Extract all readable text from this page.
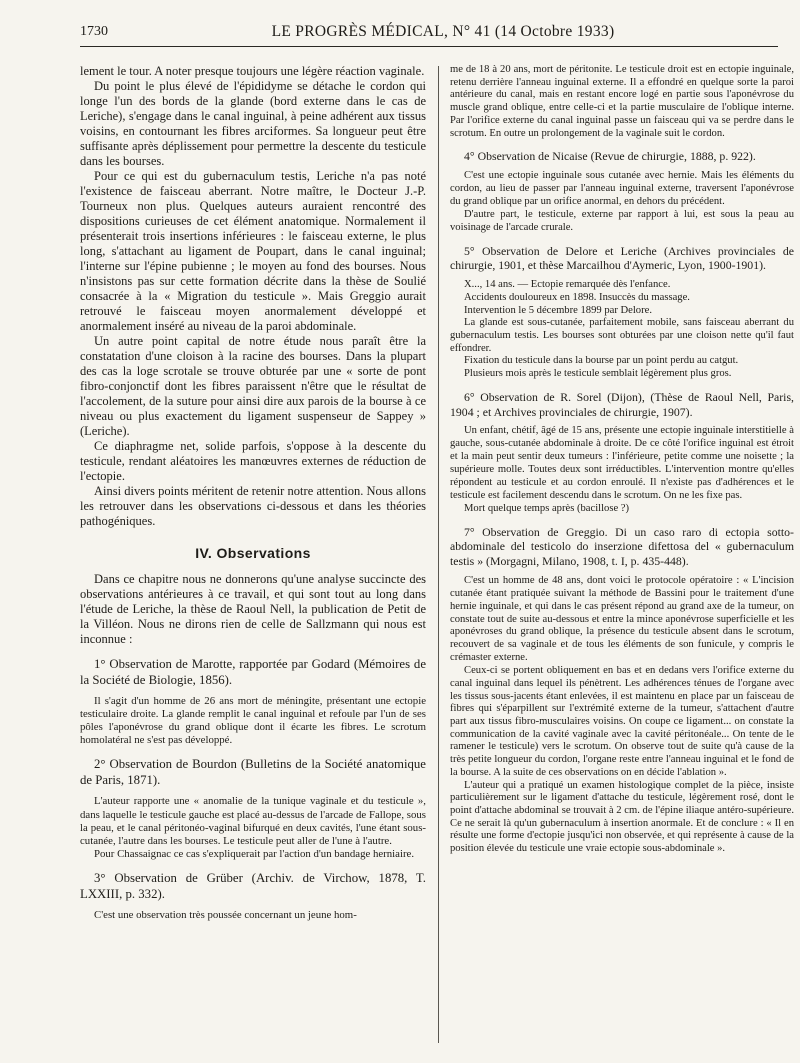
1730	LE PROGRÈS MÉDICAL, N° 41 (14 Octobre 1933)

lement le tour. A noter presque toujours une légère réaction vaginale.

Du point le plus élevé de l'épididyme se détache le cordon qui longe l'un des bords de la glande (bord externe dans le cas de Leriche), s'engage dans le canal inguinal, à peine adhérent aux tissus voisins, en contournant les fibres arciformes. Sa longueur peut être suffisante après déplissement pour permettre la descente du testicule dans les bourses.

Pour ce qui est du gubernaculum testis, Leriche n'a pas noté l'existence de faisceau aberrant. Notre maître, le Docteur J.-P. Tourneux non plus. Quelques auteurs auraient rencontré des dispositions curieuses de cet élément anatomique. Normalement il présenterait trois insertions inférieures : le faisceau externe, le plus long, s'attachant au ligament de Poupart, dans le canal inguinal; l'interne sur l'épine pubienne ; le moyen au fond des bourses. Nous n'insistons pas sur cette formation décrite dans la thèse de Soulié consacrée à la « Migration du testicule ». Mais Greggio aurait retrouvé le faisceau moyen anormalement développé et anormalement inséré au niveau de la paroi abdominale.

Un autre point capital de notre étude nous paraît être la constatation d'une cloison à la racine des bourses. Dans la plupart des cas la loge scrotale se trouve obturée par une « sorte de pont fibro-conjonctif dont les fibres paraissent n'être que le résultat de l'accolement, de la suture pour ainsi dire aux parois de la bourse à ce niveau ou plus exactement du ligament suspenseur de Sappey » (Leriche).

Ce diaphragme net, solide parfois, s'oppose à la descente du testicule, rendant aléatoires les manœuvres externes de réduction de l'ectopie.

Ainsi divers points méritent de retenir notre attention. Nous allons les retrouver dans les observations ci-dessous et dans les théories pathogéniques.

IV. Observations

Dans ce chapitre nous ne donnerons qu'une analyse succincte des observations antérieures à ce travail, et qui sont tout au long dans l'étude de Leriche, la thèse de Raoul Nell, la publication de Petit de la Villéon. Nous ne dirons rien de celle de Sallzmann qui nous est inconnue :

1° Observation de Marotte, rapportée par Godard (Mémoires de la Société de Biologie, 1856).

Il s'agit d'un homme de 26 ans mort de méningite, présentant une ectopie testiculaire droite. La glande remplit le canal inguinal et refoule par l'un de ses pôles l'aponévrose du grand oblique dont il écarte les fibres. Le scrotum homolatéral ne s'est pas développé.

2° Observation de Bourdon (Bulletins de la Société anatomique de Paris, 1871).

L'auteur rapporte une « anomalie de la tunique vaginale et du testicule », dans laquelle le testicule gauche est placé au-dessus de l'arcade de Fallope, sous la peau, et le canal péritonéo-vaginal bifurqué en deux cavités, l'une étant sous-cutanée, l'autre dans les bourses. Le testicule peut aller de l'une à l'autre.

Pour Chassaignac ce cas s'expliquerait par l'action d'un bandage herniaire.

3° Observation de Grüber (Archiv. de Virchow, 1878, T. LXXIII, p. 332).

C'est une observation très poussée concernant un jeune hom-

me de 18 à 20 ans, mort de péritonite. Le testicule droit est en ectopie inguinale, retenu derrière l'anneau inguinal externe. Il a effondré en quelque sorte la paroi antérieure du canal, mais en restant encore logé en partie sous l'aponévrose du muscle grand oblique, entre celle-ci et la partie musculaire de l'oblique interne. Par l'orifice externe du canal inguinal passe un faisceau qui va se perdre dans le scrotum. En outre un prolongement de la vaginale suit le cordon.

4° Observation de Nicaise (Revue de chirurgie, 1888, p. 922).

C'est une ectopie inguinale sous cutanée avec hernie. Mais les éléments du cordon, au lieu de passer par l'anneau inguinal externe, traversent l'aponévrose du grand oblique par un orifice anormal, en dehors du précédent.

D'autre part, le testicule, externe par rapport à lui, est sous la peau au voisinage de l'arcade crurale.

5° Observation de Delore et Leriche (Archives provinciales de chirurgie, 1901, et thèse Marcailhou d'Aymeric, Lyon, 1900-1901).

X..., 14 ans. — Ectopie remarquée dès l'enfance.

Accidents douloureux en 1898. Insuccès du massage.

Intervention le 5 décembre 1899 par Delore.

La glande est sous-cutanée, parfaitement mobile, sans faisceau aberrant du gubernaculum testis. Les bourses sont obturées par une cloison nette qu'il faut effondrer.

Fixation du testicule dans la bourse par un point perdu au catgut.

Plusieurs mois après le testicule semblait légèrement plus gros.

6° Observation de R. Sorel (Dijon), (Thèse de Raoul Nell, Paris, 1904 ; et Archives provinciales de chirurgie, 1907).

Un enfant, chétif, âgé de 15 ans, présente une ectopie inguinale interstitielle à gauche, sous-cutanée abdominale à droite. De ce côté l'orifice inguinal est étroit et la main peut sentir deux tumeurs : l'inférieure, petite comme une noisette ; la supérieure molle. Toutes deux sont irréductibles. L'intervention montre qu'elles répondent au testicule et au cordon enroulé. Il n'existe pas d'adhérences et le testicule est facilement descendu dans le scrotum. On ne les fixe pas.

Mort quelque temps après (bacillose ?)

7° Observation de Greggio. Di un caso raro di ectopia sotto-abdominale del testicolo do inserzione difettosa del « gubernaculum testis » (Morgagni, Milano, 1908, t. I, p. 435-448).

C'est un homme de 48 ans, dont voici le protocole opératoire : « L'incision cutanée étant pratiquée suivant la méthode de Bassini pour le traitement d'une hernie inguinale, et qui dans le cas présent répond au grand axe de la tumeur, on constate tout de suite au-dessous et entre la mince aponévrose superficielle et les aponévroses du grand oblique, la présence du testicule absent dans le scrotum, recouvert de sa vaginale et de tous les éléments de son funicule, y compris le crémaster externe.

Ceux-ci se portent obliquement en bas et en dedans vers l'orifice externe du canal inguinal dans lequel ils pénètrent. Les adhérences ténues de l'organe avec les tissus sous-jacents étant enlevées, il est maintenu en place par un faisceau de fibres qui s'éparpillent sur l'extrémité externe de la tumeur, s'attachent d'autre part aux tissus fibro-musculaires voisins. On coupe ce ligament... on constate la communication de la cavité vaginale avec la cavité péritonéale... On tente de le ramener le testicule) vers le scrotum. On observe tout de suite qu'à cause de la très petite longueur du cordon, l'organe reste entre l'anneau inguinal et le fond de la bourse. A la suite de ces observations on en décide l'ablation ».

L'auteur qui a pratiqué un examen histologique complet de la pièce, insiste particulièrement sur le ligament d'attache du testicule, légèrement rosé, dont le point d'attache abdominal se trouvait à 2 cm. de l'épine iliaque antéro-supérieure. Ce ne serait là qu'un gubernaculum à insertion anormale. Et de conclure : « Il en résulte une forme d'ectopie jusqu'ici non observée, et qui représente à cause de la position élevée du testicule une vraie ectopie sous-abdominale ».
